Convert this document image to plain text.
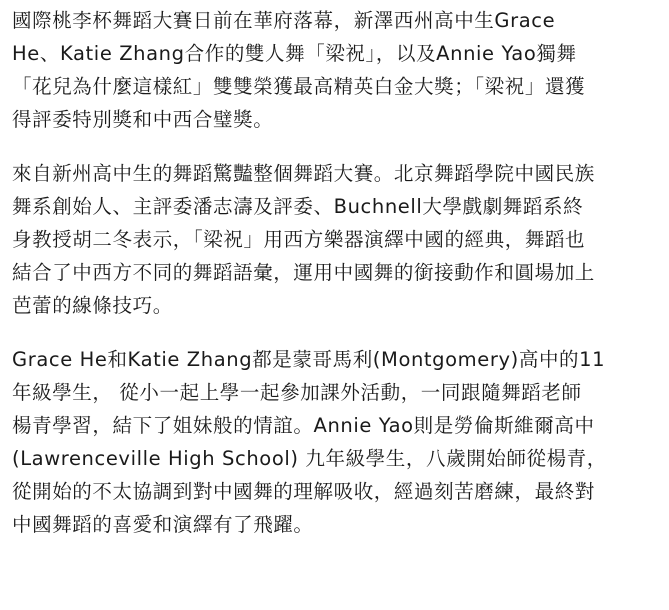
國際桃李杯舞蹈大賽日前在華府落幕，新澤西州高中生Grace
He、Katie Zhang合作的雙人舞「梁祝」，以及Annie Yao獨舞
「花兒為什麼這樣紅」雙雙榮獲最高精英白金大獎；「梁祝」還獲
得評委特別獎和中西合璧獎。
來自新州高中生的舞蹈驚豔整個舞蹈大賽。北京舞蹈學院中國民族
舞系創始人、主評委潘志濤及評委、Buchnell大學戲劇舞蹈系終
身教授胡二冬表示，「梁祝」用西方樂器演繹中國的經典，舞蹈也
結合了中西方不同的舞蹈語彙，運用中國舞的銜接動作和圓場加上
芭蕾的線條技巧。
Grace He和Katie Zhang都是蒙哥馬利(Montgomery)高中的11
年級學生， 從小一起上學一起參加課外活動，一同跟隨舞蹈老師
楊青學習，結下了姐妹般的情誼。Annie Yao則是勞倫斯維爾高中
(Lawrenceville High School) 九年級學生，八歲開始師從楊青，
從開始的不太協調到對中國舞的理解吸收，經過刻苦磨練，最終對
中國舞蹈的喜愛和演繹有了飛躍。
